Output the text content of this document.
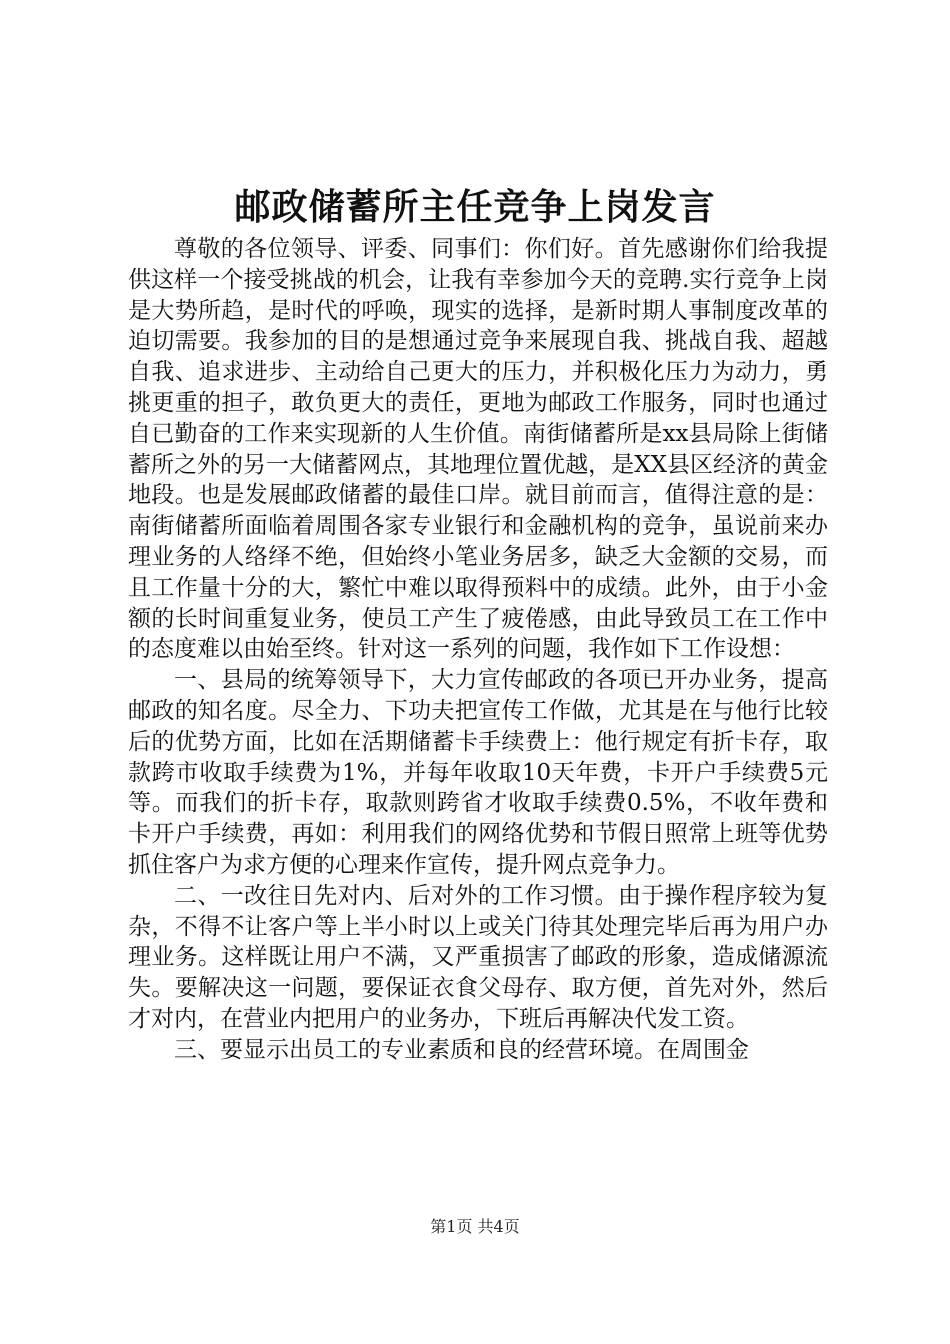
邮政储蓄所主任竞争上岗发言

尊敬的各位领导、评委、同事们：你们好。首先感谢你们给我提供这样一个接受挑战的机会，让我有幸参加今天的竞聘.实行竞争上岗是大势所趋，是时代的呼唤，现实的选择，是新时期人事制度改革的迫切需要。我参加的目的是想通过竞争来展现自我、挑战自我、超越自我、追求进步、主动给自己更大的压力，并积极化压力为动力，勇挑更重的担子，敢负更大的责任，更地为邮政工作服务，同时也通过自已勤奋的工作来实现新的人生价值。南街储蓄所是xx县局除上街储蓄所之外的另一大储蓄网点，其地理位置优越，是XX县区经济的黄金地段。也是发展邮政储蓄的最佳口岸。就目前而言，值得注意的是：南街储蓄所面临着周围各家专业银行和金融机构的竞争，虽说前来办理业务的人络绎不绝，但始终小笔业务居多，缺乏大金额的交易，而且工作量十分的大，繁忙中难以取得预料中的成绩。此外，由于小金额的长时间重复业务，使员工产生了疲倦感，由此导致员工在工作中的态度难以由始至终。针对这一系列的问题，我作如下工作设想：

一、县局的统筹领导下，大力宣传邮政的各项已开办业务，提高邮政的知名度。尽全力、下功夫把宣传工作做，尤其是在与他行比较后的优势方面，比如在活期储蓄卡手续费上：他行规定有折卡存，取款跨市收取手续费为1%，并每年收取10天年费，卡开户手续费5元等。而我们的折卡存，取款则跨省才收取手续费0.5%，不收年费和卡开户手续费，再如：利用我们的网络优势和节假日照常上班等优势抓住客户为求方便的心理来作宣传，提升网点竞争力。

二、一改往日先对内、后对外的工作习惯。由于操作程序较为复杂，不得不让客户等上半小时以上或关门待其处理完毕后再为用户办理业务。这样既让用户不满，又严重损害了邮政的形象，造成储源流失。要解决这一问题，要保证衣食父母存、取方便，首先对外，然后才对内，在营业内把用户的业务办，下班后再解决代发工资。

三、要显示出员工的专业素质和良的经营环境。在周围金

第1页 共4页
